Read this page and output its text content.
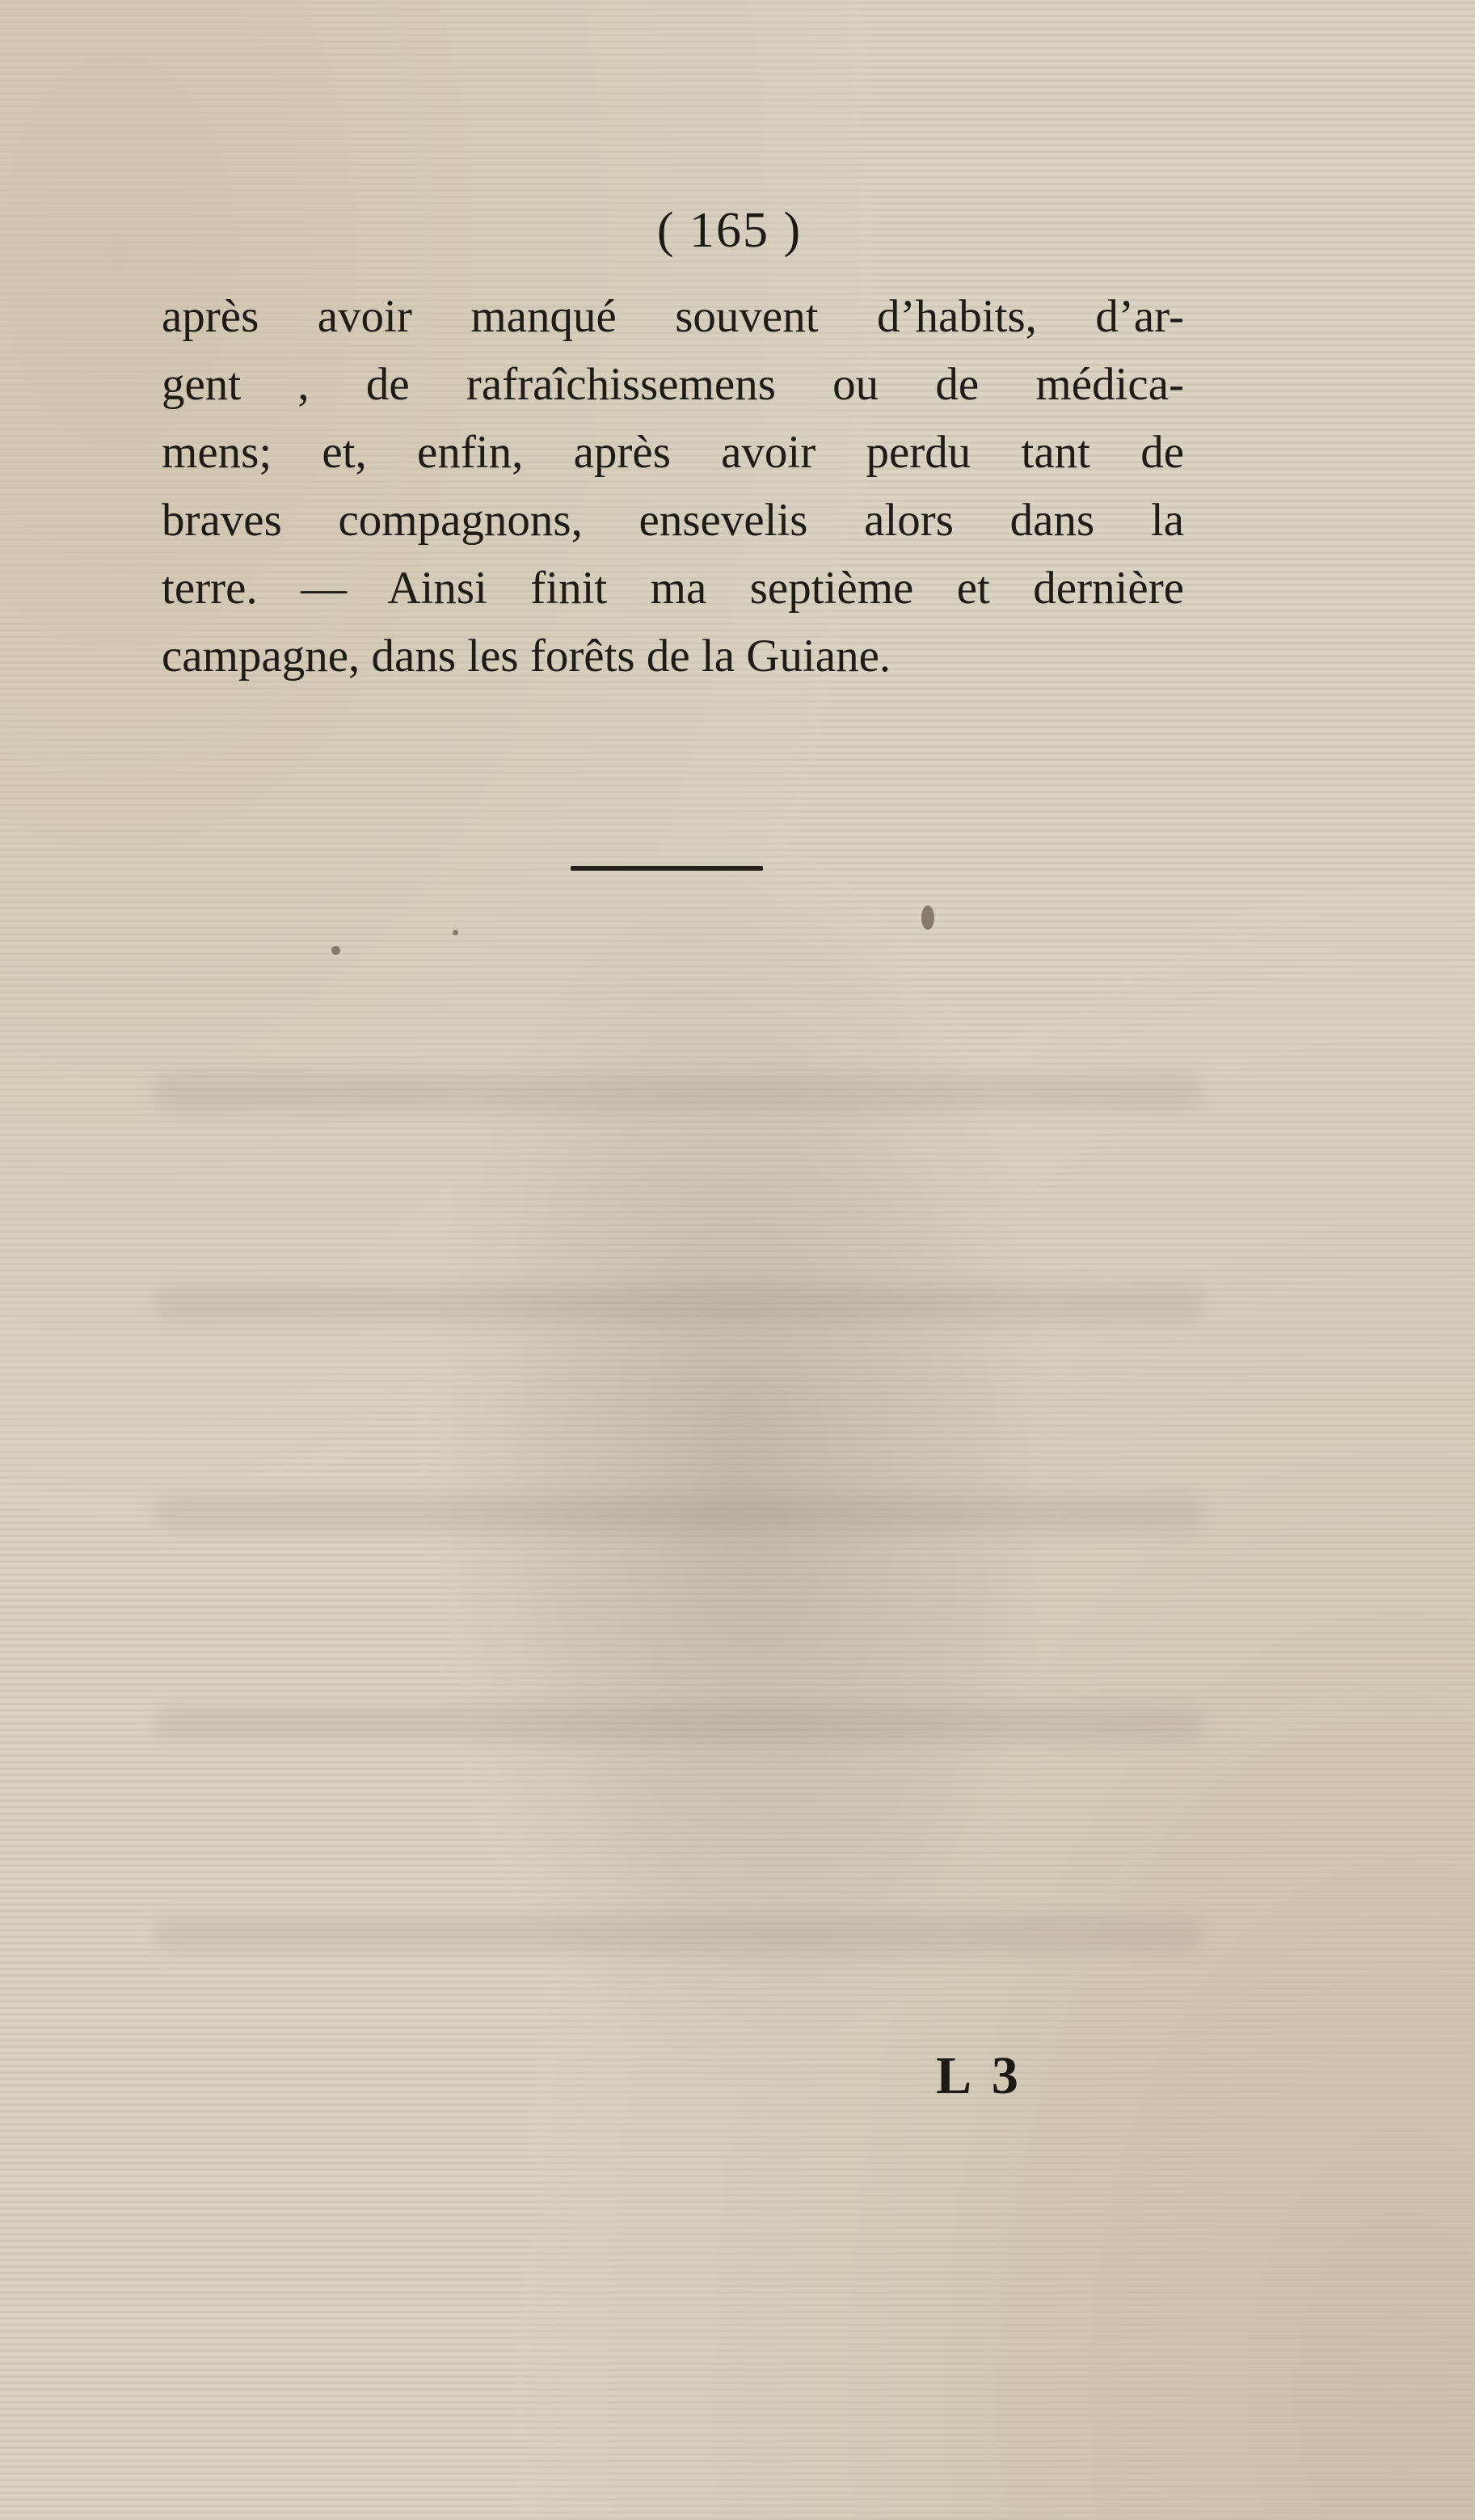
( 165 )
après avoir manqué souvent d’habits, d’ar-
gent , de rafraîchissemens ou de médica-
mens; et, enfin, après avoir perdu tant de
braves compagnons, ensevelis alors dans la
terre. — Ainsi finit ma septième et dernière
campagne, dans les forêts de la Guiane.
L 3
